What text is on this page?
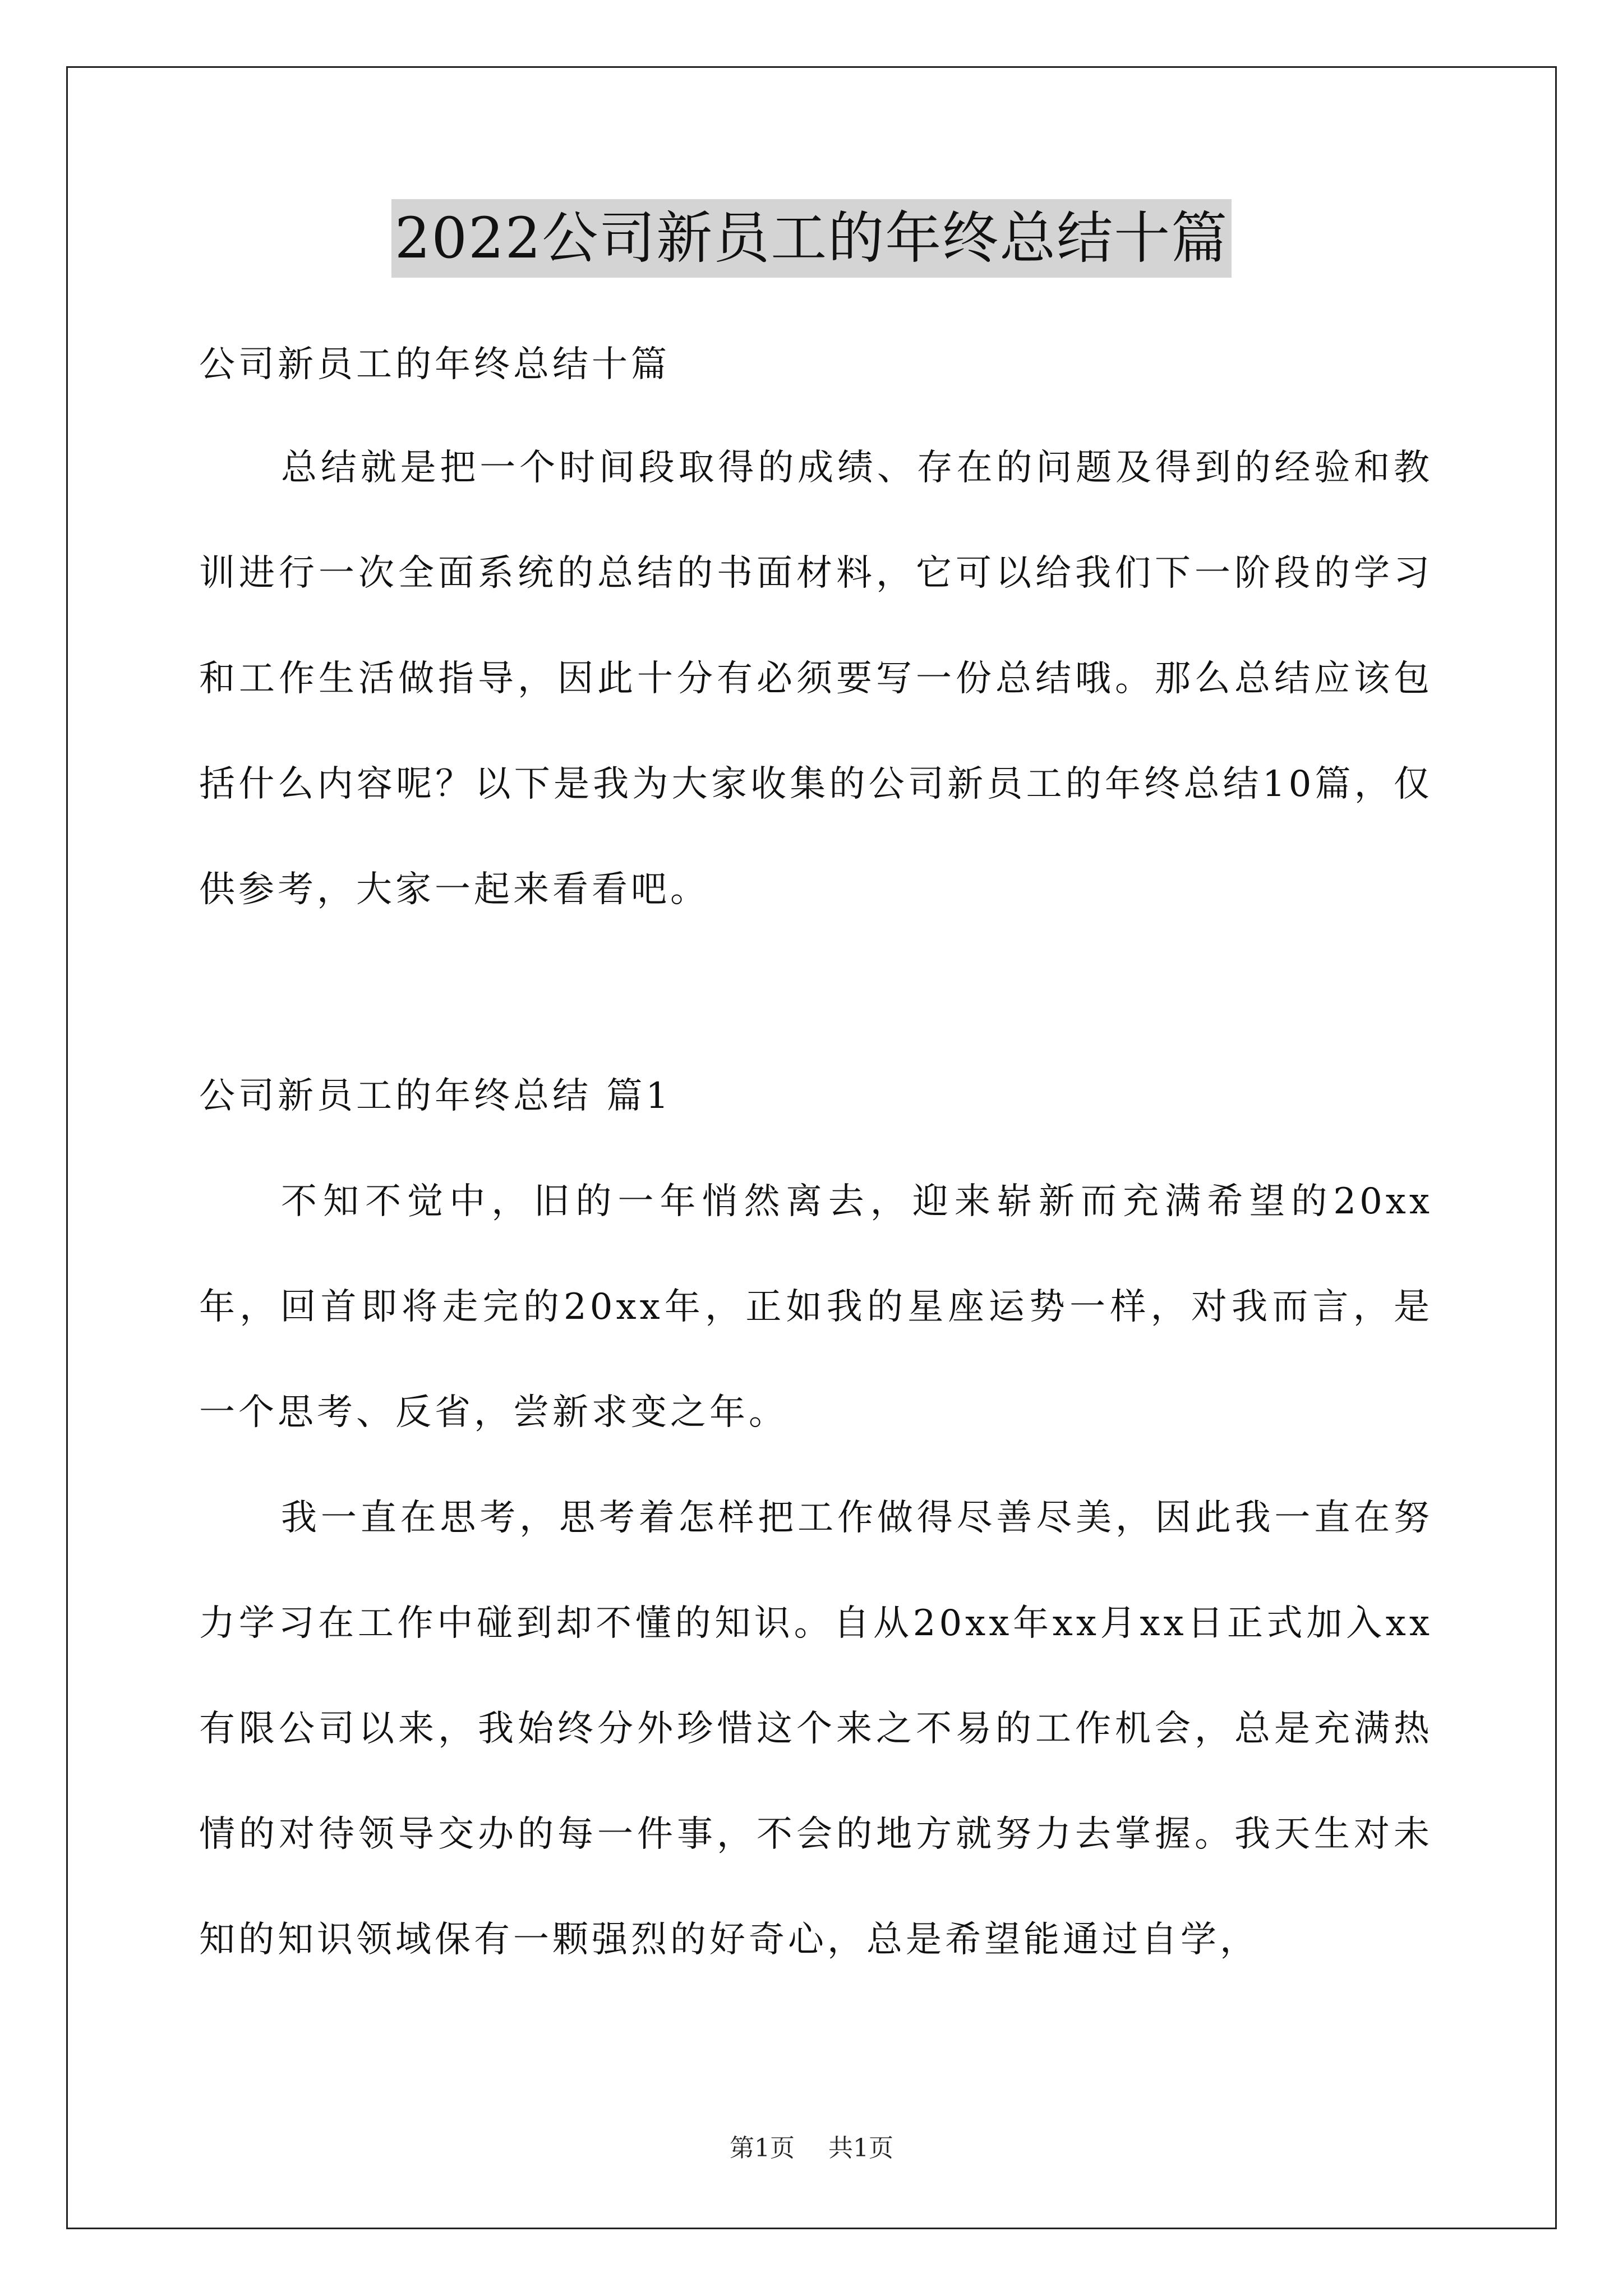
2022公司新员工的年终总结十篇

公司新员工的年终总结十篇

总结就是把一个时间段取得的成绩、存在的问题及得到的经验和教训进行一次全面系统的总结的书面材料，它可以给我们下一阶段的学习和工作生活做指导，因此十分有必须要写一份总结哦。那么总结应该包括什么内容呢？以下是我为大家收集的公司新员工的年终总结10篇，仅供参考，大家一起来看看吧。

公司新员工的年终总结 篇1

不知不觉中，旧的一年悄然离去，迎来崭新而充满希望的20xx年，回首即将走完的20xx年，正如我的星座运势一样，对我而言，是一个思考、反省，尝新求变之年。

我一直在思考，思考着怎样把工作做得尽善尽美，因此我一直在努力学习在工作中碰到却不懂的知识。自从20xx年xx月xx日正式加入xx有限公司以来，我始终分外珍惜这个来之不易的工作机会，总是充满热情的对待领导交办的每一件事，不会的地方就努力去掌握。我天生对未知的知识领域保有一颗强烈的好奇心，总是希望能通过自学，

第1页 共1页
